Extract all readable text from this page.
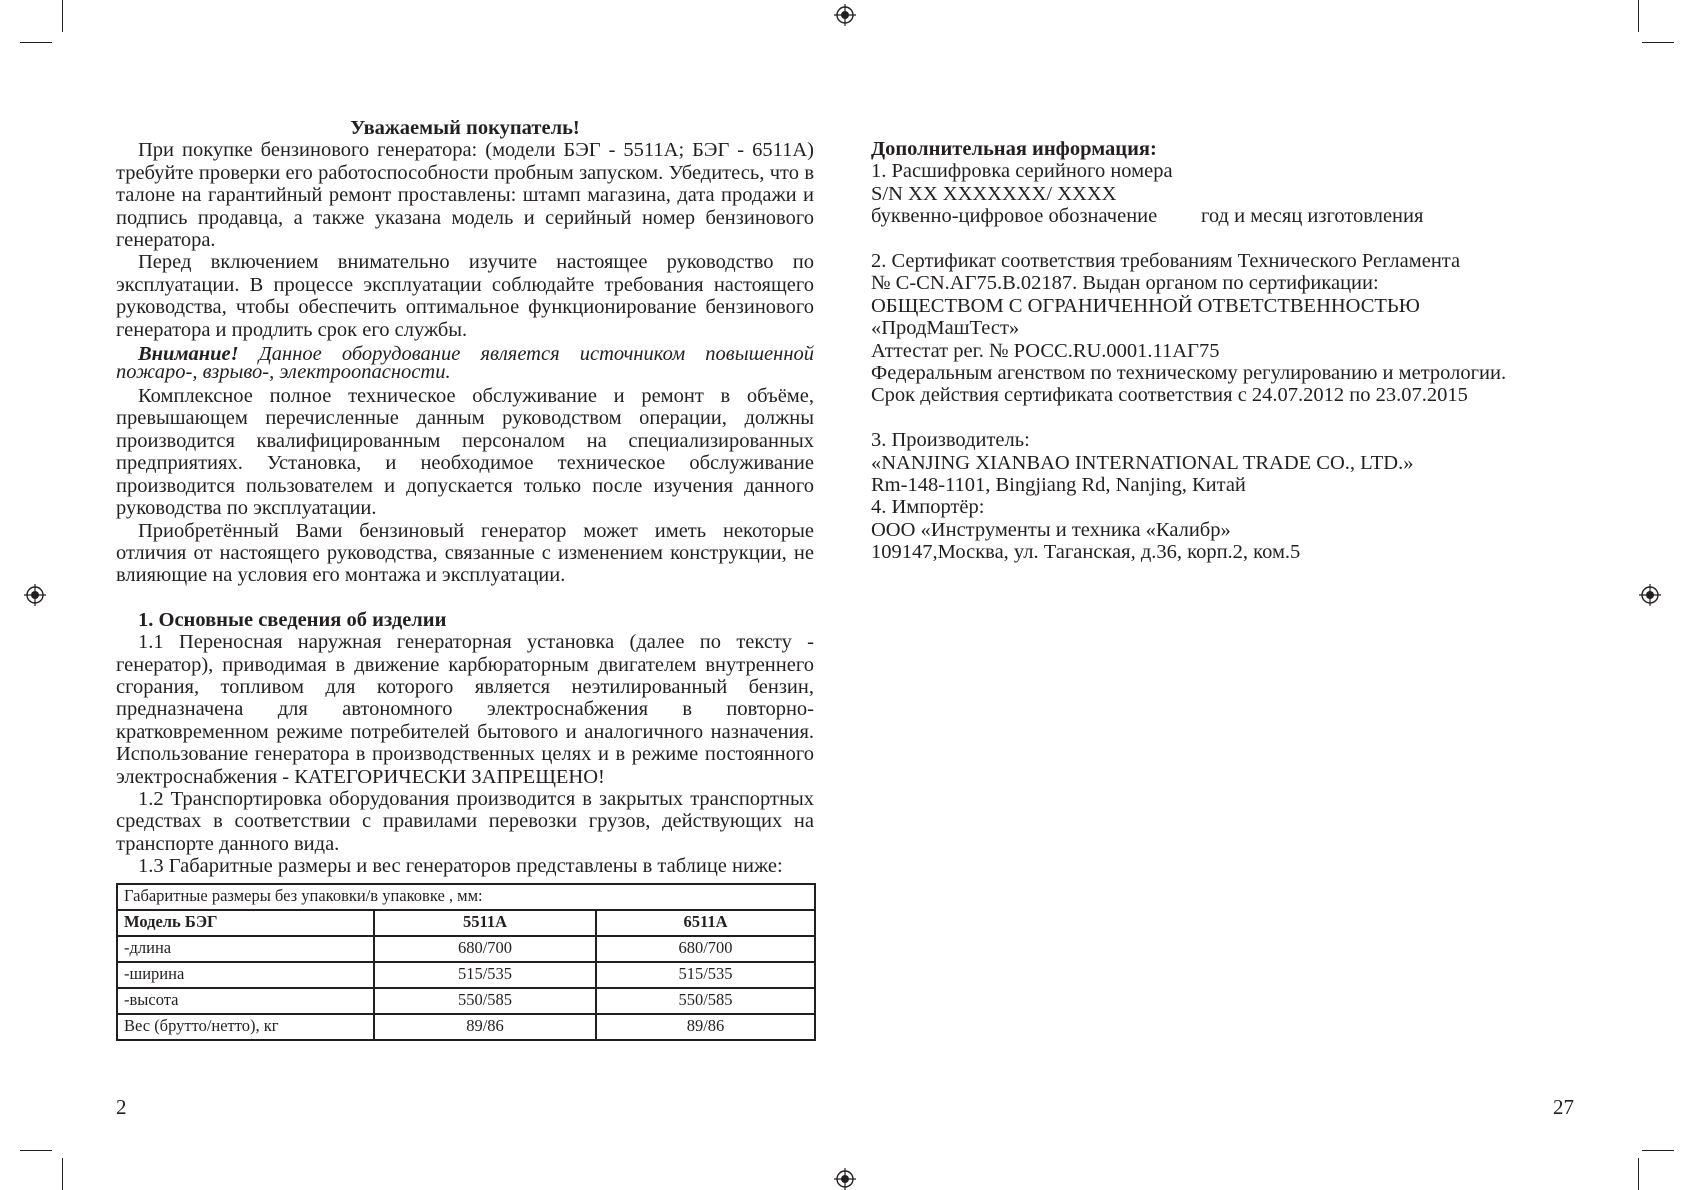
Уважаемый покупатель!

При покупке бензинового генератора: (модели БЭГ - 5511А; БЭГ - 6511А) требуйте проверки его работоспособности пробным запуском. Убедитесь, что в талоне на гарантийный ремонт проставлены: штамп магазина, дата продажи и подпись продавца, а также указана модель и серийный номер бензинового генератора.

Перед включением внимательно изучите настоящее руководство по эксплуатации. В процессе эксплуатации соблюдайте требования настоящего руководства, чтобы обеспечить оптимальное функционирование бензинового генератора и продлить срок его службы.

Внимание! Данное оборудование является источником повышенной пожаро-, взрыво-, электроопасности.

Комплексное полное техническое обслуживание и ремонт в объёме, превышающем перечисленные данным руководством операции, должны производится квалифицированным персоналом на специализированных предприятиях. Установка, и необходимое техническое обслуживание производится пользователем и допускается только после изучения данного руководства по эксплуатации.

Приобретённый Вами бензиновый генератор может иметь некоторые отличия от настоящего руководства, связанные с изменением конструкции, не влияющие на условия его монтажа и эксплуатации.

1. Основные сведения об изделии

1.1 Переносная наружная генераторная установка (далее по тексту - генератор), приводимая в движение карбюраторным двигателем внутреннего сгорания, топливом для которого является неэтилированный бензин, предназначена для автономного электроснабжения в повторно-кратковременном режиме потребителей бытового и аналогичного назначения. Использование генератора в производственных целях и в режиме постоянного электроснабжения - КАТЕГОРИЧЕСКИ ЗАПРЕЩЕНО!

1.2 Транспортировка оборудования производится в закрытых транспортных средствах в соответствии с правилами перевозки грузов, действующих на транспорте данного вида.

1.3 Габаритные размеры и вес генераторов представлены в таблице ниже:

Габаритные размеры без упаковки/в упаковке , мм:		
Модель БЭГ	5511А	6511А
-длина	680/700	680/700
-ширина	515/535	515/535
-высота	550/585	550/585
Вес (брутто/нетто), кг	89/86	89/86
2

Дополнительная информация:

1. Расшифровка серийного номера

S/N XX XXXXXXX/ XXXX

буквенно-цифровое обозначение год и месяц изготовления

2. Сертификат соответствия требованиям Технического Регламента

№ C-CN.АГ75.В.02187. Выдан органом по сертификации:

ОБЩЕСТВОМ С ОГРАНИЧЕННОЙ ОТВЕТСТВЕННОСТЬЮ

«ПродМашТест»

Аттестат рег. № РОСС.RU.0001.11АГ75

Федеральным агенством по техническому регулированию и метрологии.

Срок действия сертификата соответствия с 24.07.2012 по 23.07.2015

3. Производитель:

«NANJING XIANBAO INTERNATIONAL TRADE CO., LTD.»

Rm-148-1101, Bingjiang Rd, Nanjing, Китай

4. Импортёр:

ООО «Инструменты и техника «Калибр»

109147,Москва, ул. Таганская, д.36, корп.2, ком.5

27
